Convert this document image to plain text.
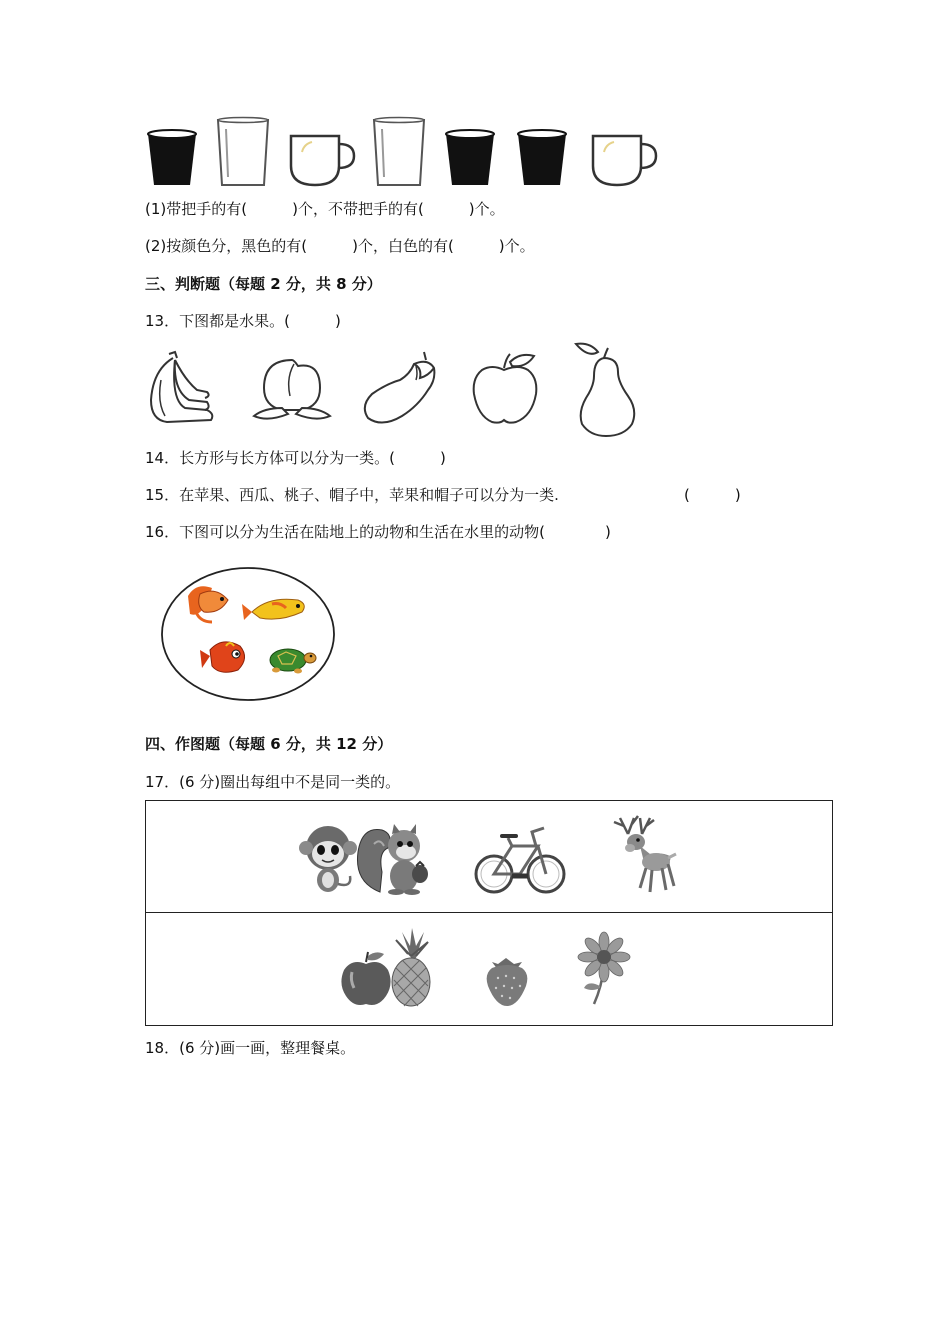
(1)带把手的有(　　　)个，不带把手的有(　　　)个。
(2)按颜色分，黑色的有(　　　)个，白色的有(　　　)个。
三、判断题（每题 2 分，共 8 分）
13．下图都是水果。(　　　)
14．长方形与长方体可以分为一类。(　　　)
15．在苹果、西瓜、桃子、帽子中，苹果和帽子可以分为一类.	(　　　)
16．下图可以分为生活在陆地上的动物和生活在水里的动物(　　　　)
四、作图题（每题 6 分，共 12 分）
17．(6 分)圈出每组中不是同一类的。
18．(6 分)画一画，整理餐桌。
